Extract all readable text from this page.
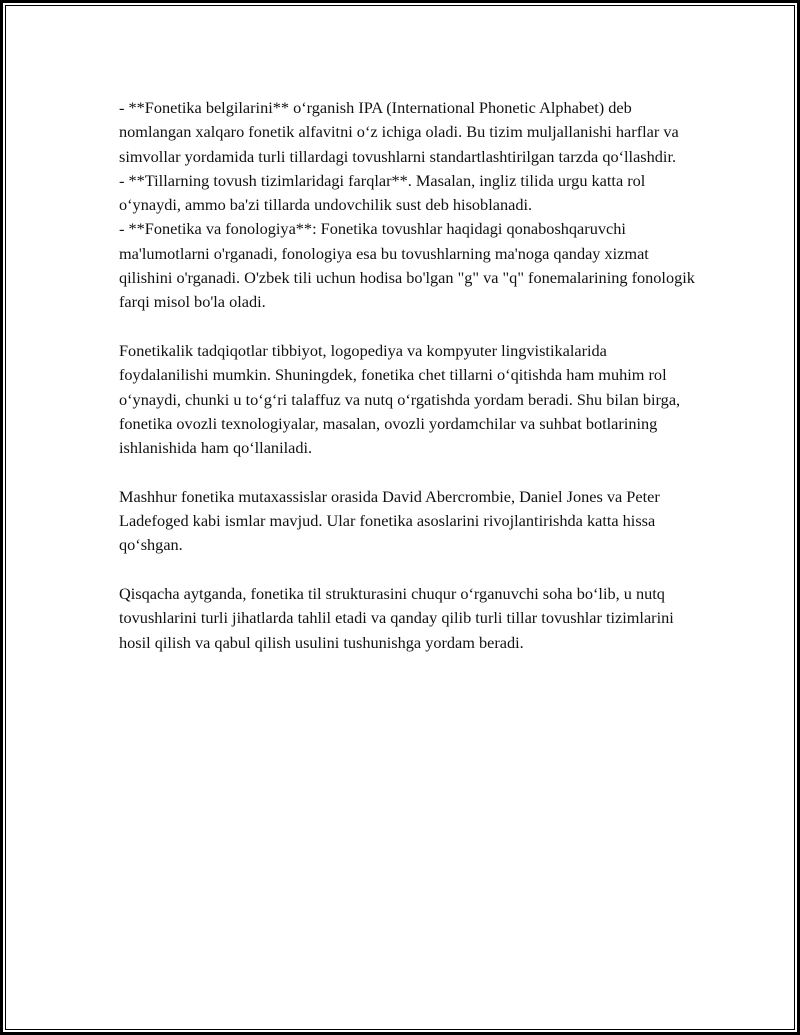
- **Fonetika belgilarini** o‘rganish IPA (International Phonetic Alphabet) deb nomlangan xalqaro fonetik alfavitni o‘z ichiga oladi. Bu tizim muljallanishi harflar va simvollar yordamida turli tillardagi tovushlarni standartlashtirilgan tarzda qo‘llashdir.

- **Tillarning tovush tizimlaridagi farqlar**. Masalan, ingliz tilida urgu katta rol o‘ynaydi, ammo ba'zi tillarda undovchilik sust deb hisoblanadi.

- **Fonetika va fonologiya**: Fonetika tovushlar haqidagi qonaboshqaruvchi ma'lumotlarni o'rganadi, fonologiya esa bu tovushlarning ma'noga qanday xizmat qilishini o'rganadi. O'zbek tili uchun hodisa bo'lgan "g" va "q" fonemalarining fonologik farqi misol bo'la oladi.

Fonetikalik tadqiqotlar tibbiyot, logopediya va kompyuter lingvistikalarida foydalanilishi mumkin. Shuningdek, fonetika chet tillarni o‘qitishda ham muhim rol o‘ynaydi, chunki u to‘g‘ri talaffuz va nutq o‘rgatishda yordam beradi. Shu bilan birga, fonetika ovozli texnologiyalar, masalan, ovozli yordamchilar va suhbat botlarining ishlanishida ham qo‘llaniladi.

Mashhur fonetika mutaxassislar orasida David Abercrombie, Daniel Jones va Peter Ladefoged kabi ismlar mavjud. Ular fonetika asoslarini rivojlantirishda katta hissa qo‘shgan.

Qisqacha aytganda, fonetika til strukturasini chuqur o‘rganuvchi soha bo‘lib, u nutq tovushlarini turli jihatlarda tahlil etadi va qanday qilib turli tillar tovushlar tizimlarini hosil qilish va qabul qilish usulini tushunishga yordam beradi.
